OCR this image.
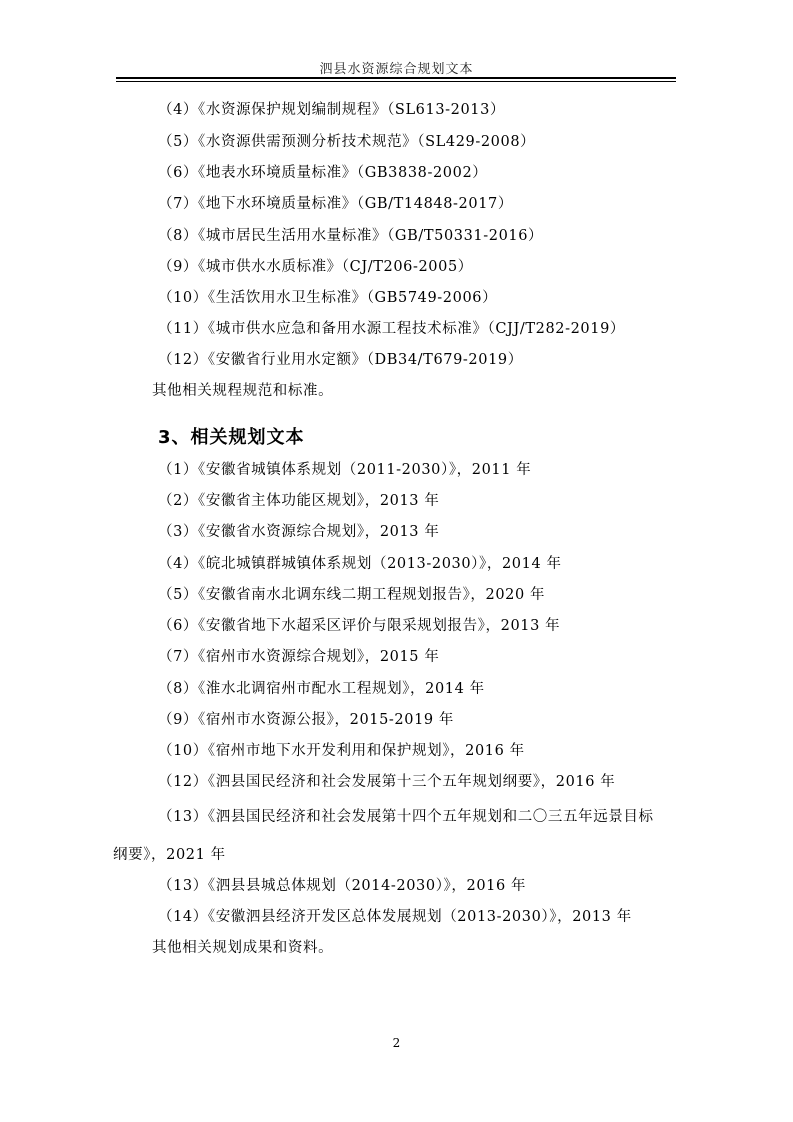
泗县水资源综合规划文本
（4）《水资源保护规划编制规程》（SL613-2013）
（5）《水资源供需预测分析技术规范》（SL429-2008）
（6）《地表水环境质量标准》（GB3838-2002）
（7）《地下水环境质量标准》（GB/T14848-2017）
（8）《城市居民生活用水量标准》（GB/T50331-2016）
（9）《城市供水水质标准》（CJ/T206-2005）
（10）《生活饮用水卫生标准》（GB5749-2006）
（11）《城市供水应急和备用水源工程技术标准》（CJJ/T282-2019）
（12）《安徽省行业用水定额》（DB34/T679-2019）
其他相关规程规范和标准。
3、相关规划文本
（1）《安徽省城镇体系规划（2011-2030）》，2011 年
（2）《安徽省主体功能区规划》，2013 年
（3）《安徽省水资源综合规划》，2013 年
（4）《皖北城镇群城镇体系规划（2013-2030）》，2014 年
（5）《安徽省南水北调东线二期工程规划报告》，2020 年
（6）《安徽省地下水超采区评价与限采规划报告》，2013 年
（7）《宿州市水资源综合规划》，2015 年
（8）《淮水北调宿州市配水工程规划》，2014 年
（9）《宿州市水资源公报》，2015-2019 年
（10）《宿州市地下水开发利用和保护规划》，2016 年
（12）《泗县国民经济和社会发展第十三个五年规划纲要》，2016 年
（13）《泗县国民经济和社会发展第十四个五年规划和二〇三五年远景目标
纲要》，2021 年
（13）《泗县县城总体规划（2014-2030）》，2016 年
（14）《安徽泗县经济开发区总体发展规划（2013-2030）》，2013 年
其他相关规划成果和资料。
2
